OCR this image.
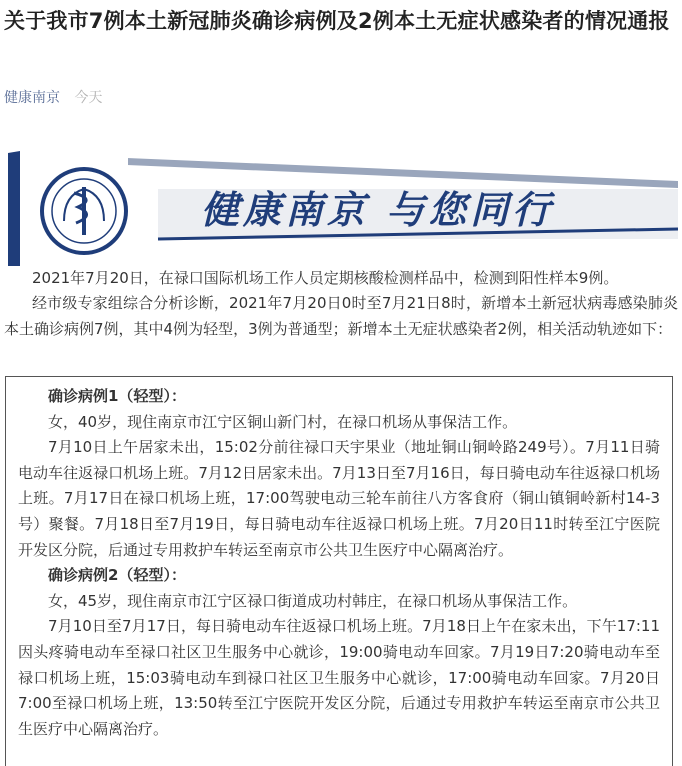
关于我市7例本土新冠肺炎确诊病例及2例本土无症状感染者的情况通报
健康南京 今天
健康南京 与您同行

2021年7月20日，在禄口国际机场工作人员定期核酸检测样品中，检测到阳性样本9例。

经市级专家组综合分析诊断，2021年7月20日0时至7月21日8时，新增本土新冠状病毒感染肺炎本土确诊病例7例，其中4例为轻型，3例为普通型；新增本土无症状感染者2例，相关活动轨迹如下：

确诊病例1（轻型）：

女，40岁，现住南京市江宁区铜山新门村，在禄口机场从事保洁工作。

7月10日上午居家未出，15:02分前往禄口天宇果业（地址铜山铜岭路249号）。7月11日骑电动车往返禄口机场上班。7月12日居家未出。7月13日至7月16日，每日骑电动车往返禄口机场上班。7月17日在禄口机场上班，17:00驾驶电动三轮车前往八方客食府（铜山镇铜岭新村14-3号）聚餐。7月18日至7月19日，每日骑电动车往返禄口机场上班。7月20日11时转至江宁医院开发区分院，后通过专用救护车转运至南京市公共卫生医疗中心隔离治疗。

确诊病例2（轻型）：

女，45岁，现住南京市江宁区禄口街道成功村韩庄，在禄口机场从事保洁工作。

7月10日至7月17日，每日骑电动车往返禄口机场上班。7月18日上午在家未出，下午17:11因头疼骑电动车至禄口社区卫生服务中心就诊，19:00骑电动车回家。7月19日7:20骑电动车至禄口机场上班，15:03骑电动车到禄口社区卫生服务中心就诊，17:00骑电动车回家。7月20日7:00至禄口机场上班，13:50转至江宁医院开发区分院，后通过专用救护车转运至南京市公共卫生医疗中心隔离治疗。
